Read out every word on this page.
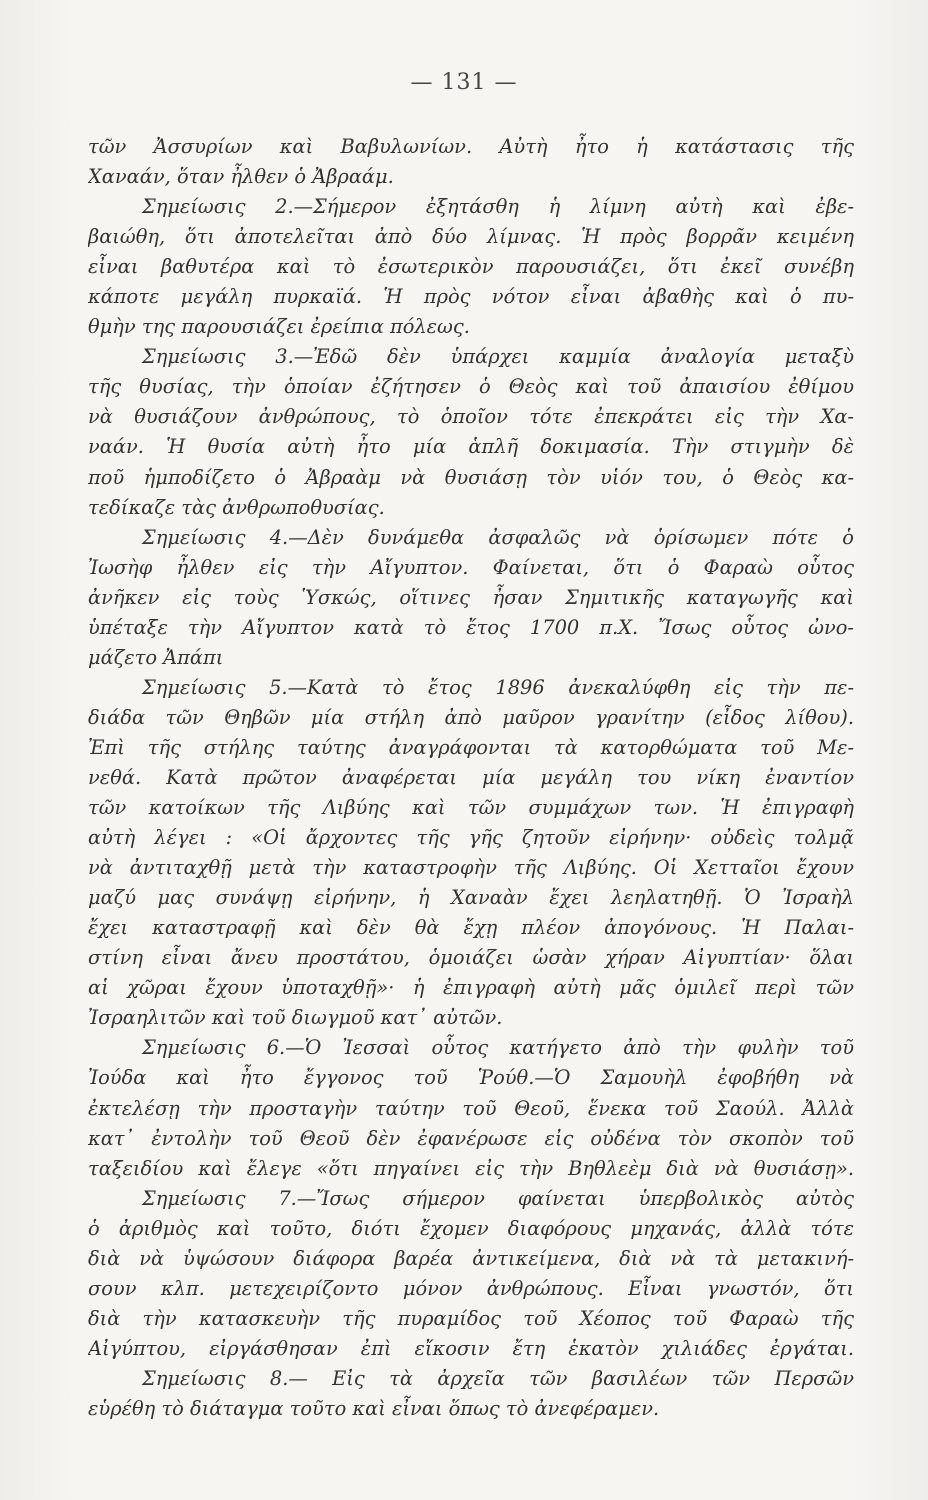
— 131 —
τῶν Ἀσσυρίων καὶ Βαβυλωνίων. Αὐτὴ ἦτο ἡ κατάστασις τῆς
Χαναάν, ὅταν ἦλθεν ὁ Ἀβραάμ.
Σημείωσις 2.—Σήμερον ἐξητάσθη ἡ λίμνη αὐτὴ καὶ ἐβε-
βαιώθη, ὅτι ἀποτελεῖται ἀπὸ δύο λίμνας. Ἡ πρὸς βορρᾶν κειμένη
εἶναι βαθυτέρα καὶ τὸ ἐσωτερικὸν παρουσιάζει, ὅτι ἐκεῖ συνέβη
κάποτε μεγάλη πυρκαϊά. Ἡ πρὸς νότον εἶναι ἀβαθὴς καὶ ὁ πυ-
θμὴν της παρουσιάζει ἐρείπια πόλεως.
Σημείωσις 3.—Ἐδῶ δὲν ὑπάρχει καμμία ἀναλογία μεταξὺ
τῆς θυσίας, τὴν ὁποίαν ἐζήτησεν ὁ Θεὸς καὶ τοῦ ἀπαισίου ἐθίμου
νὰ θυσιάζουν ἀνθρώπους, τὸ ὁποῖον τότε ἐπεκράτει εἰς τὴν Χα-
ναάν. Ἡ θυσία αὐτὴ ἦτο μία ἁπλῆ δοκιμασία. Τὴν στιγμὴν δὲ
ποῦ ἡμποδίζετο ὁ Ἀβραὰμ νὰ θυσιάσῃ τὸν υἱόν του, ὁ Θεὸς κα-
τεδίκαζε τὰς ἀνθρωποθυσίας.
Σημείωσις 4.—Δὲν δυνάμεθα ἀσφαλῶς νὰ ὁρίσωμεν πότε ὁ
Ἰωσὴφ ἦλθεν εἰς τὴν Αἴγυπτον. Φαίνεται, ὅτι ὁ Φαραὼ οὗτος
ἀνῆκεν εἰς τοὺς Ὑσκώς, οἵτινες ἦσαν Σημιτικῆς καταγωγῆς καὶ
ὑπέταξε τὴν Αἴγυπτον κατὰ τὸ ἔτος 1700 π.Χ. Ἴσως οὗτος ὠνο-
μάζετο Ἀπάπι
Σημείωσις 5.—Κατὰ τὸ ἔτος 1896 ἀνεκαλύφθη εἰς τὴν πε-
διάδα τῶν Θηβῶν μία στήλη ἀπὸ μαῦρον γρανίτην (εἶδος λίθου).
Ἐπὶ τῆς στήλης ταύτης ἀναγράφονται τὰ κατορθώματα τοῦ Με-
νεθά. Κατὰ πρῶτον ἀναφέρεται μία μεγάλη του νίκη ἐναντίον
τῶν κατοίκων τῆς Λιβύης καὶ τῶν συμμάχων των. Ἡ ἐπιγραφὴ
αὐτὴ λέγει : «Οἱ ἄρχοντες τῆς γῆς ζητοῦν εἰρήνην· οὐδεὶς τολμᾷ
νὰ ἀντιταχθῇ μετὰ τὴν καταστροφὴν τῆς Λιβύης. Οἱ Χετταῖοι ἔχουν
μαζύ μας συνάψῃ εἰρήνην, ἡ Χαναὰν ἔχει λεηλατηθῇ. Ὁ Ἰσραὴλ
ἔχει καταστραφῇ καὶ δὲν θὰ ἔχῃ πλέον ἀπογόνους. Ἡ Παλαι-
στίνη εἶναι ἄνευ προστάτου, ὁμοιάζει ὡσὰν χήραν Αἰγυπτίαν· ὅλαι
αἱ χῶραι ἔχουν ὑποταχθῇ»· ἡ ἐπιγραφὴ αὐτὴ μᾶς ὁμιλεῖ περὶ τῶν
Ἰσραηλιτῶν καὶ τοῦ διωγμοῦ κατ᾽ αὐτῶν.
Σημείωσις 6.—Ὁ Ἰεσσαὶ οὗτος κατήγετο ἀπὸ τὴν φυλὴν τοῦ
Ἰούδα καὶ ἦτο ἔγγονος τοῦ Ῥούθ.—Ὁ Σαμουὴλ ἐφοβήθη νὰ
ἐκτελέσῃ τὴν προσταγὴν ταύτην τοῦ Θεοῦ, ἕνεκα τοῦ Σαούλ. Ἀλλὰ
κατ᾽ ἐντολὴν τοῦ Θεοῦ δὲν ἐφανέρωσε εἰς οὐδένα τὸν σκοπὸν τοῦ
ταξειδίου καὶ ἔλεγε «ὅτι πηγαίνει εἰς τὴν Βηθλεὲμ διὰ νὰ θυσιάσῃ».
Σημείωσις 7.—Ἴσως σήμερον φαίνεται ὑπερβολικὸς αὐτὸς
ὁ ἀριθμὸς καὶ τοῦτο, διότι ἔχομεν διαφόρους μηχανάς, ἀλλὰ τότε
διὰ νὰ ὑψώσουν διάφορα βαρέα ἀντικείμενα, διὰ νὰ τὰ μετακινή-
σουν κλπ. μετεχειρίζοντο μόνον ἀνθρώπους. Εἶναι γνωστόν, ὅτι
διὰ τὴν κατασκευὴν τῆς πυραμίδος τοῦ Χέοπος τοῦ Φαραὼ τῆς
Αἰγύπτου, εἰργάσθησαν ἐπὶ εἴκοσιν ἔτη ἑκατὸν χιλιάδες ἐργάται.
Σημείωσις 8.— Εἰς τὰ ἀρχεῖα τῶν βασιλέων τῶν Περσῶν
εὑρέθη τὸ διάταγμα τοῦτο καὶ εἶναι ὅπως τὸ ἀνεφέραμεν.
